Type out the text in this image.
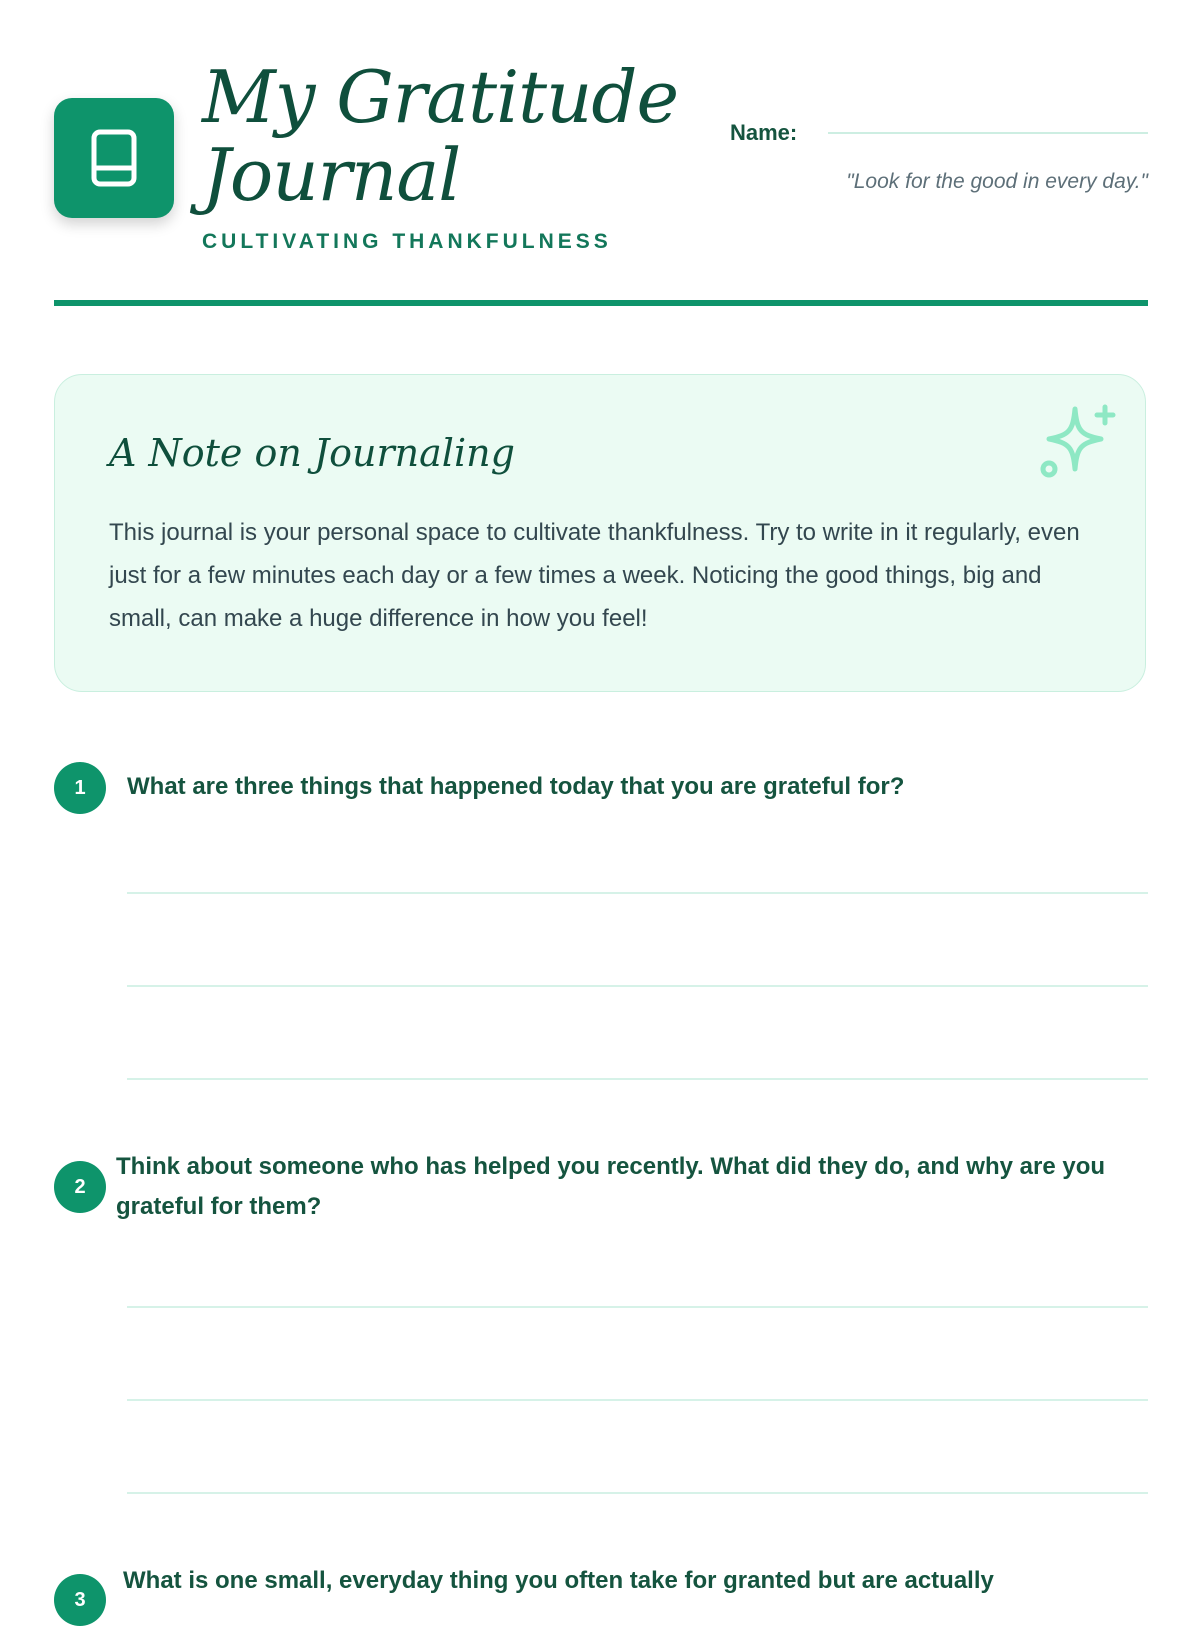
My Gratitude
Journal
CULTIVATING THANKFULNESS
Name:
"Look for the good in every day."
A Note on Journaling
This journal is your personal space to cultivate thankfulness. Try to write in it regularly, even just for a few minutes each day or a few times a week. Noticing the good things, big and small, can make a huge difference in how you feel!
1	What are three things that happened today that you are grateful for?
2
Think about someone who has helped you recently. What did they do, and why are you grateful for them?
3
What is one small, everyday thing you often take for granted but are actually
